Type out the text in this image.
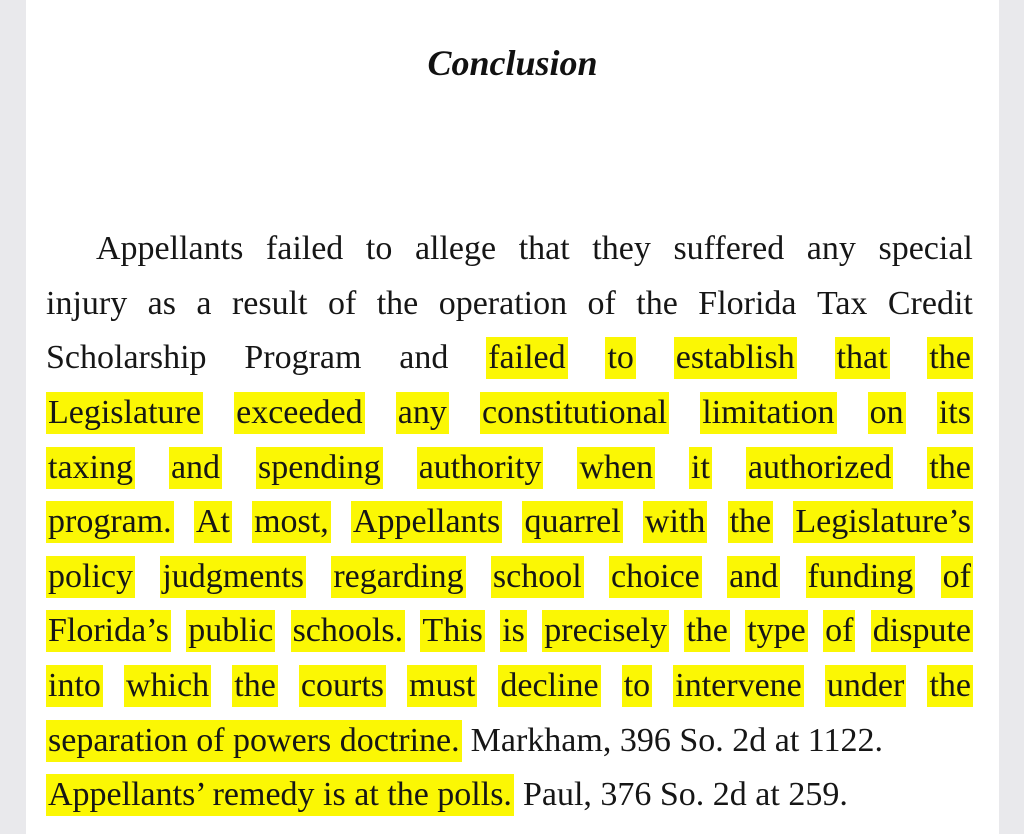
Conclusion
Appellants failed to allege that they suffered any special
injury as a result of the operation of the Florida Tax Credit
Scholarship Program and failed to establish that the
Legislature exceeded any constitutional limitation on its
taxing and spending authority when it authorized the
program. At most, Appellants quarrel with the Legislature’s
policy judgments regarding school choice and funding of
Florida’s public schools. This is precisely the type of dispute
into which the courts must decline to intervene under the
separation of powers doctrine. Markham, 396 So. 2d at 1122.
Appellants’ remedy is at the polls. Paul, 376 So. 2d at 259.
